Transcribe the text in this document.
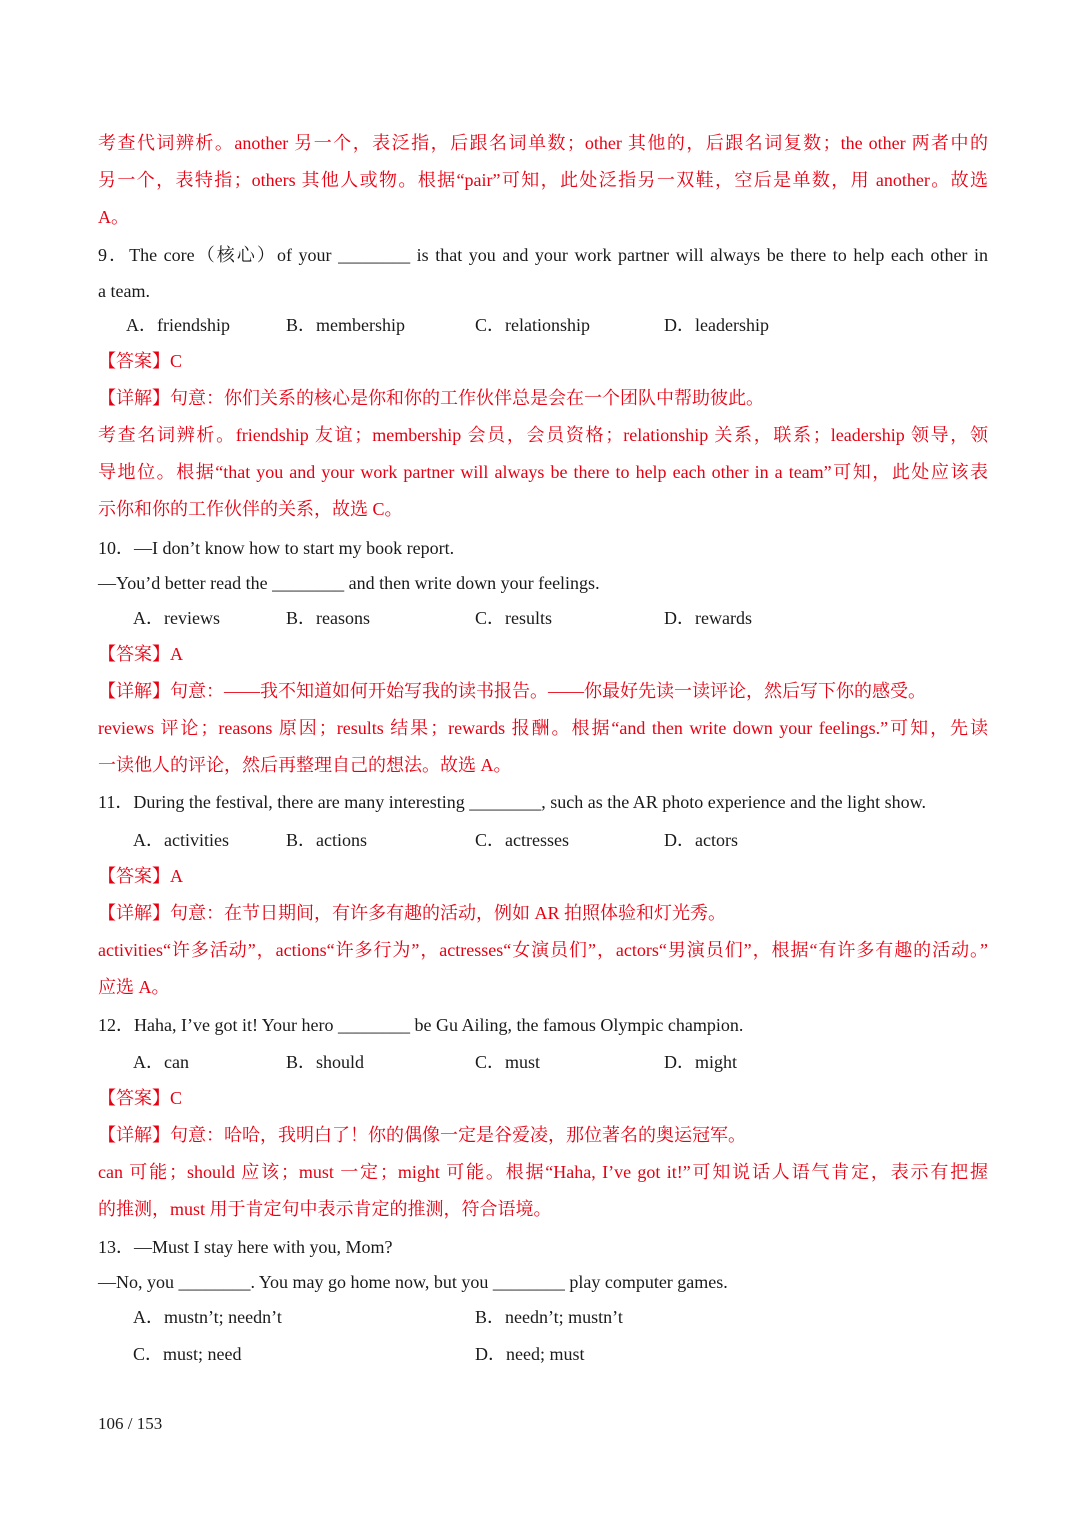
考查代词辨析。another 另一个，表泛指，后跟名词单数；other 其他的，后跟名词复数；the other 两者中的
另一个，表特指；others 其他人或物。根据“pair”可知，此处泛指另一双鞋，空后是单数，用 another。故选
A。
9．The core（核心）of your ________ is that you and your work partner will always be there to help each other in
a team.
A．friendship	B．membership	C．relationship	D．leadership
【答案】C
【详解】句意：你们关系的核心是你和你的工作伙伴总是会在一个团队中帮助彼此。
考查名词辨析。friendship 友谊；membership 会员，会员资格；relationship 关系，联系；leadership 领导，领
导地位。根据“that you and your work partner will always be there to help each other in a team”可知，此处应该表
示你和你的工作伙伴的关系，故选 C。
10．—I don’t know how to start my book report.
—You’d better read the ________ and then write down your feelings.
A．reviews	B．reasons	C．results	D．rewards
【答案】A
【详解】句意：——我不知道如何开始写我的读书报告。——你最好先读一读评论，然后写下你的感受。
reviews 评论；reasons 原因；results 结果；rewards 报酬。根据“and then write down your feelings.”可知，先读
一读他人的评论，然后再整理自己的想法。故选 A。
11．During the festival, there are many interesting ________, such as the AR photo experience and the light show.
A．activities	B．actions	C．actresses	D．actors
【答案】A
【详解】句意：在节日期间，有许多有趣的活动，例如 AR 拍照体验和灯光秀。
activities“许多活动”，actions“许多行为”，actresses“女演员们”，actors“男演员们”，根据“有许多有趣的活动。”
应选 A。
12．Haha, I’ve got it! Your hero ________ be Gu Ailing, the famous Olympic champion.
A．can	B．should	C．must	D．might
【答案】C
【详解】句意：哈哈，我明白了！你的偶像一定是谷爱凌，那位著名的奥运冠军。
can 可能；should 应该；must 一定；might 可能。根据“Haha, I’ve got it!”可知说话人语气肯定，表示有把握
的推测，must 用于肯定句中表示肯定的推测，符合语境。
13．—Must I stay here with you, Mom?
—No, you ________. You may go home now, but you ________ play computer games.
A．mustn’t; needn’t	B．needn’t; mustn’t
C．must; need	D．need; must
106 / 153
